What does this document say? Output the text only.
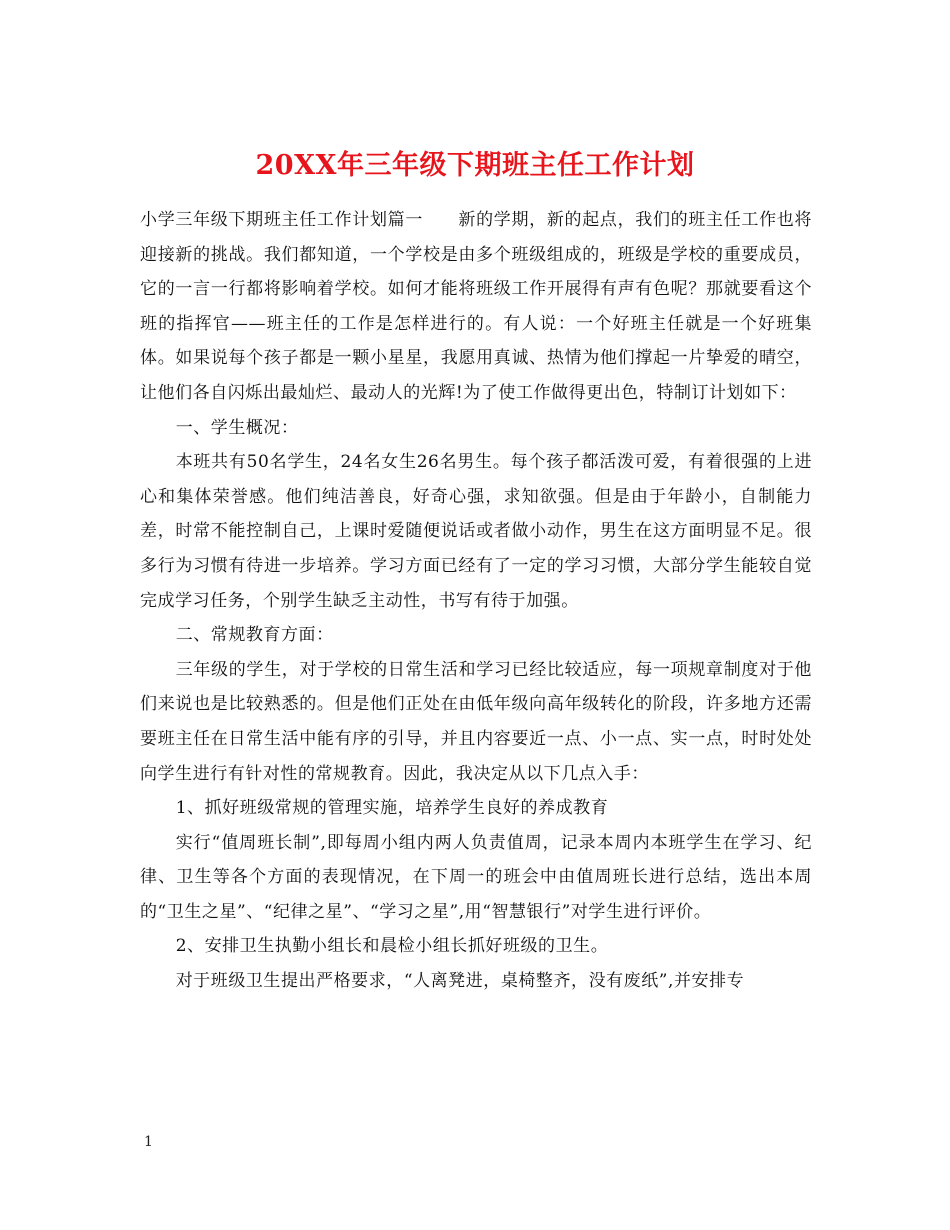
20XX年三年级下期班主任工作计划

小学三年级下期班主任工作计划篇一　　新的学期，新的起点，我们的班主任工作也将迎接新的挑战。我们都知道，一个学校是由多个班级组成的，班级是学校的重要成员，它的一言一行都将影响着学校。如何才能将班级工作开展得有声有色呢？那就要看这个班的指挥官——班主任的工作是怎样进行的。有人说：一个好班主任就是一个好班集体。如果说每个孩子都是一颗小星星，我愿用真诚、热情为他们撑起一片挚爱的晴空，让他们各自闪烁出最灿烂、最动人的光辉!为了使工作做得更出色，特制订计划如下：

一、学生概况：

本班共有50名学生，24名女生26名男生。每个孩子都活泼可爱，有着很强的上进心和集体荣誉感。他们纯洁善良，好奇心强，求知欲强。但是由于年龄小，自制能力差，时常不能控制自己，上课时爱随便说话或者做小动作，男生在这方面明显不足。很多行为习惯有待进一步培养。学习方面已经有了一定的学习习惯，大部分学生能较自觉完成学习任务，个别学生缺乏主动性，书写有待于加强。

二、常规教育方面：

三年级的学生，对于学校的日常生活和学习已经比较适应，每一项规章制度对于他们来说也是比较熟悉的。但是他们正处在由低年级向高年级转化的阶段，许多地方还需要班主任在日常生活中能有序的引导，并且内容要近一点、小一点、实一点，时时处处向学生进行有针对性的常规教育。因此，我决定从以下几点入手：

1、抓好班级常规的管理实施，培养学生良好的养成教育

实行“值周班长制”,即每周小组内两人负责值周，记录本周内本班学生在学习、纪律、卫生等各个方面的表现情况，在下周一的班会中由值周班长进行总结，选出本周的“卫生之星”、“纪律之星”、“学习之星”,用“智慧银行”对学生进行评价。

2、安排卫生执勤小组长和晨检小组长抓好班级的卫生。

对于班级卫生提出严格要求，“人离凳进，桌椅整齐，没有废纸”,并安排专

1
